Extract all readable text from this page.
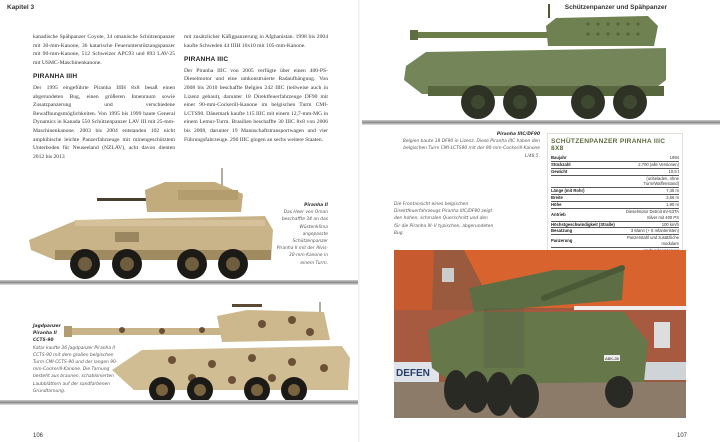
Kapitel 3

kanadische Spähpanzer Coyote, 34 omanische Schützenpanzer mit 30-mm-Kanone, 36 katarische Feuerunterstützungspanzer mit 90-mm-Kanone, 512 Schweizer APC93 und 893 LAV-25 mit USMC-Maschinenkanone.

PIRANHA IIIH

Der 1995 eingeführte Piranha IIIH 8x8 besaß einen abgerundeten Bug, einen größeren Innenraum sowie Zusatzpanzerung und verschiedene Bewaffnungsmöglichkeiten. Von 1995 bis 1999 baute General Dynamics in Kanada 550 Schützenpanzer LAV III mit 25-mm-Maschinenkanone. 2003 bis 2004 entstanden 102 nicht amphibische leichte Panzerfahrzeuge mit minengeschütztem Unterboden für Neuseeland (NZLAV), acht davon dienten 2012 bis 2013

mit zusätzlicher Käfigpanzerung in Afghanistan. 1998 bis 2004 kaufte Schweden 44 IIIH 10x10 mit 105-mm-Kanone.

PIRANHA IIIC

Der Piranha IIIC von 2005 verfügte über einen 400-PS-Dieselmotor und eine umkonstruierte Radaufhängung. Von 2008 bis 2010 beschaffte Belgien 242 IIIC (teilweise auch in Lizenz gebaut), darunter 18 Direktfeuerfahrzeuge DF90 mit einer 90-mm-Cockerill-Kanone im belgischen Turm CMI-LCTS90. Dänemark kaufte 115 IIIC mit einem 12,7-mm-MG in einem Lemur-Turm. Brasilien beschaffte 30 IIIC 8x8 von 2006 bis 2008, darunter 19 Mannschaftstransportwagen und vier Führungsfahrzeuge. 290 IIIC gingen an sechs weitere Staaten.

Piranha II
Das Heer von Oman beschaffte 34 an das Wüstenklima angepasste Schützenpanzer Piranha II mit der Alvis-30-mm-Kanone in einem Turm.
Jagdpanzer
Piranha II
CCTS-90
Katar kaufte 36 Jagdpanzer Piranha II CCTS-90 mit dem großen belgischen Turm CMI-CCTS-90 und der langen 90-mm-Cockerill-Kanone. Die Tarnung besteht aus braunen, schablonierten Laubblättern auf der sandfarbenen Grundtarnung.
106
Schützenpanzer und Spähpanzer
Piranha IIIC/DF90
Belgien baute 18 DF90 in Lizenz. Diese Piranha IIIC haben den belgischen Turm CMI-LCTS90 mit der 90-mm-Cockerill-Kanone L/48,5.
Die Frontansicht eines belgischen Direktfeuerfahrzeugs Piranha IIIC/DF90 zeigt den hohen, schmalen Querschnitt und den für die Piranha III–V typischen, abgerundeten Bug.
107
SCHÜTZENPANZER PIRANHA IIIC 8X8
Baujahr	1994
Stückzahl	2.700 (alle Versionen)
Gewicht	10,5 t
	(unbeladen, ohne Turm/Waffenstand)
Länge (mit Rohr)	7,45 m
Breite	2,66 m
Höhe	1,90 m
Antrieb	Dieselmotor Detroit 6V-53TA Silver mit 400 PS
Höchstgeschwindigkeit (Straße)	100 km/h
Besatzung	3 Mann (+ 5 Infanteristen)
Panzerung	Panzerstahl und zusätzliche modulare

DEFEN
ABK-28
